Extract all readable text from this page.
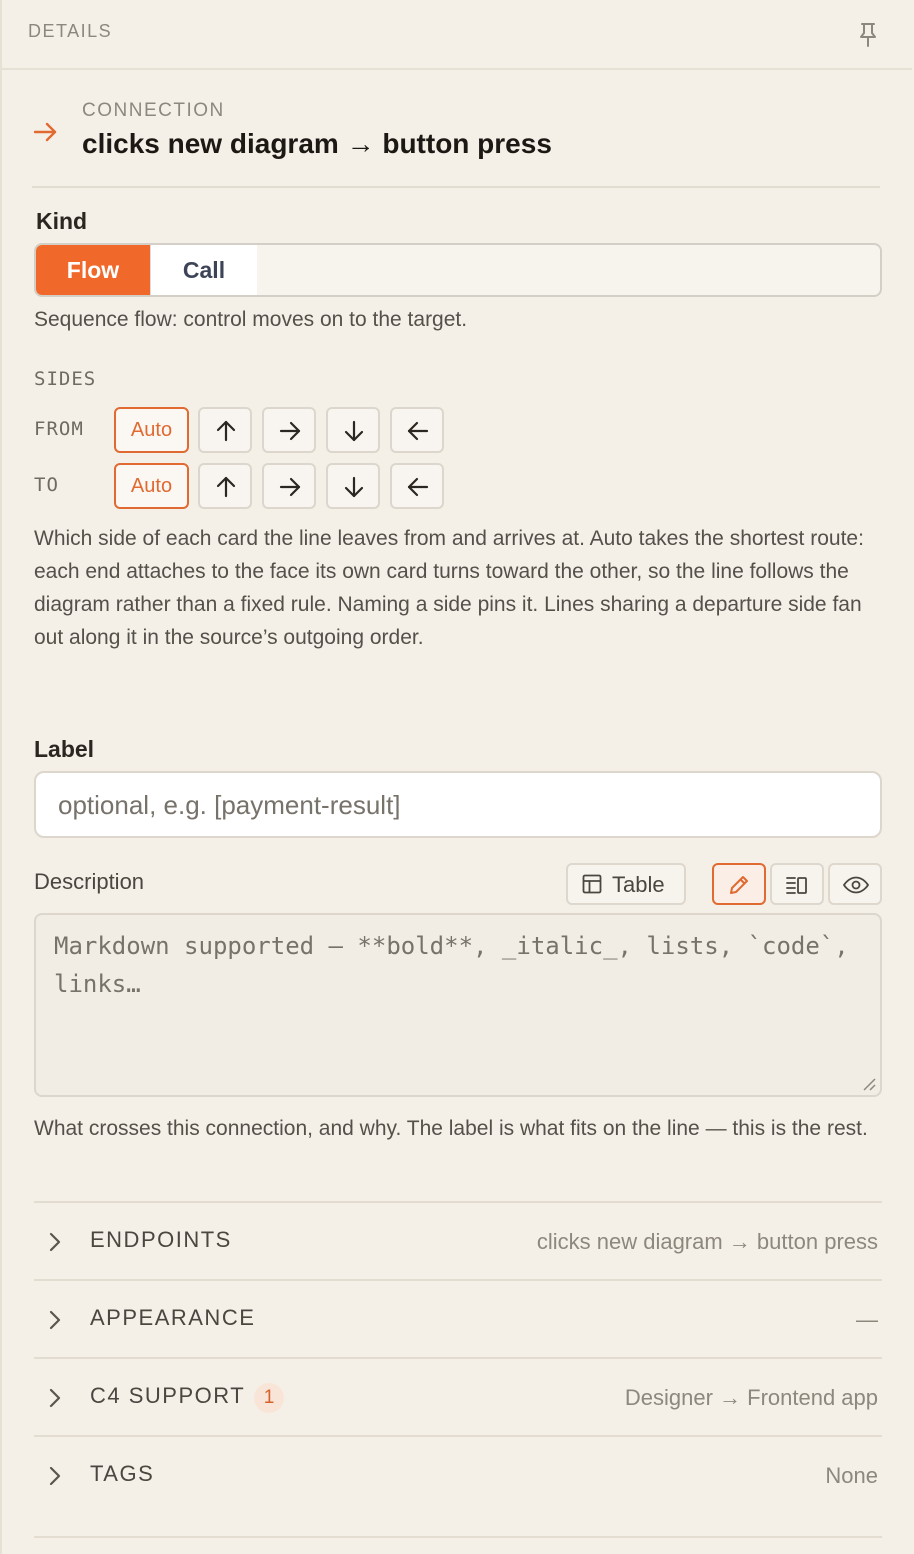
DETAILS
CONNECTION
clicks new diagram → button press
Kind
Flow	Call
Sequence flow: control moves on to the target.
SIDES
FROM	Auto
TO	Auto
Which side of each card the line leaves from and arrives at. Auto takes the shortest route: each end attaches to the face its own card turns toward the other, so the line follows the diagram rather than a fixed rule. Naming a side pins it. Lines sharing a departure side fan out along it in the source’s outgoing order.
Label
optional, e.g. [payment-result]
Description	Table
Markdown supported — **bold**, _italic_, lists, `code`, links…
What crosses this connection, and why. The label is what fits on the line — this is the rest.
ENDPOINTS	clicks new diagram → button press
APPEARANCE	—
C4 SUPPORT 1	Designer → Frontend app
TAGS	None
